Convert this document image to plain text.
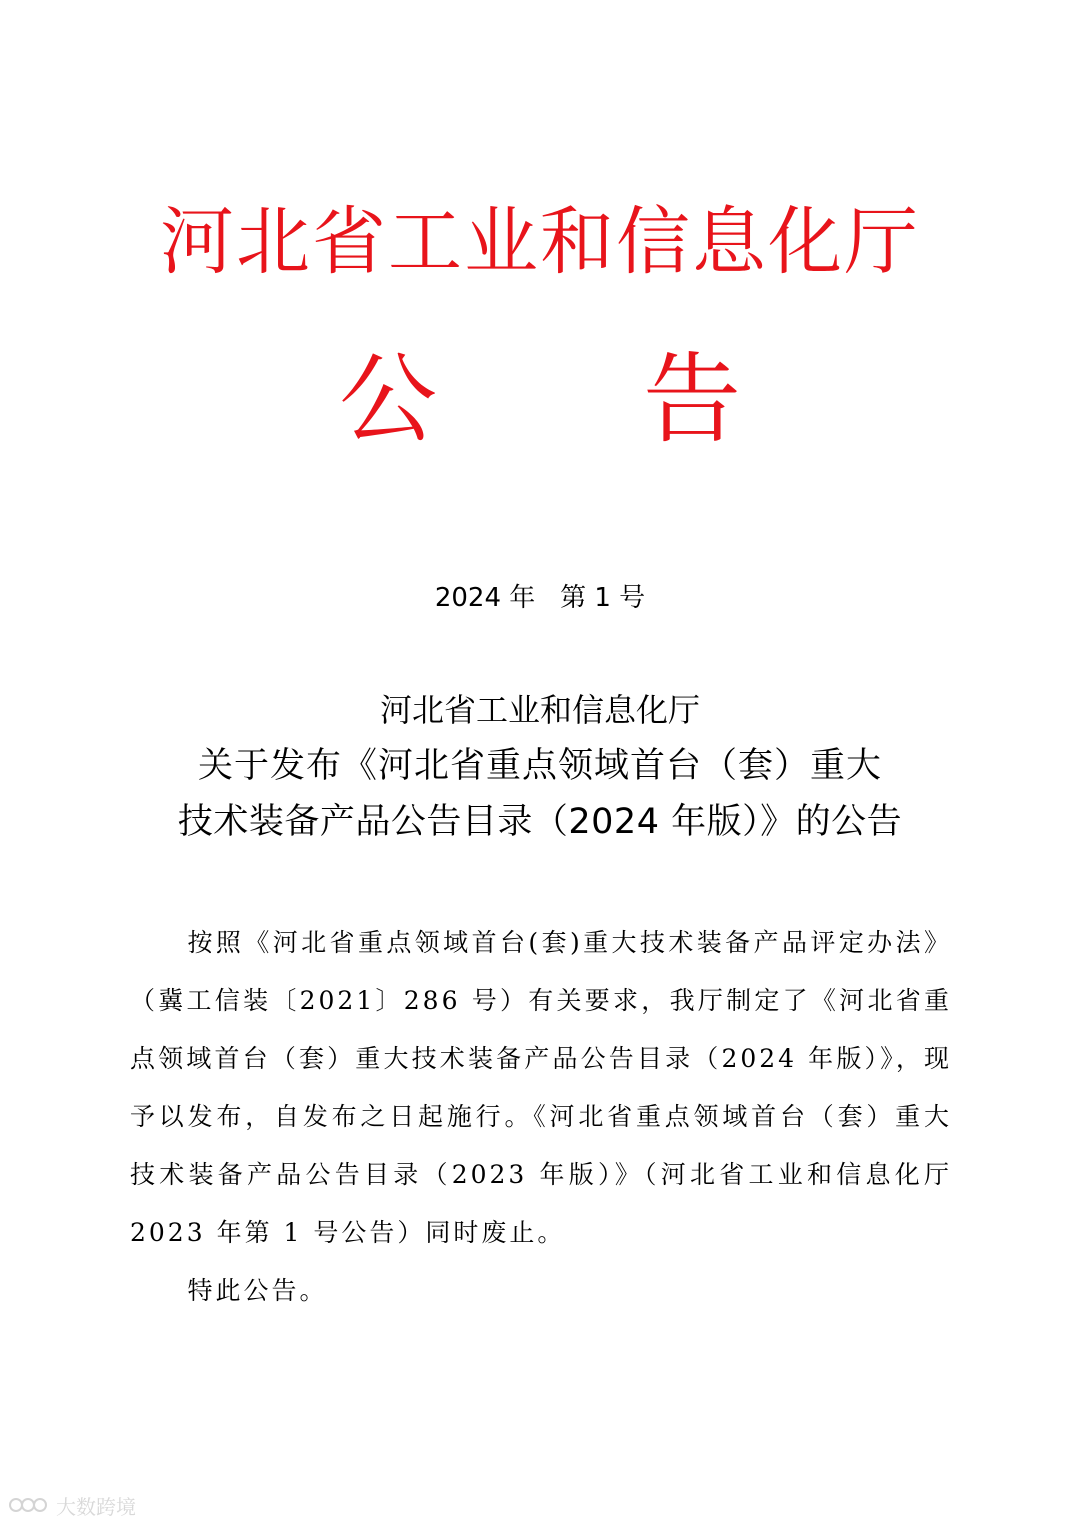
河北省工业和信息化厅
公 告
2024 年   第 1 号
河北省工业和信息化厅
关于发布《河北省重点领域首台（套）重大
技术装备产品公告目录（2024 年版）》的公告

按照《河北省重点领域首台(套)重大技术装备产品评定办法》（冀工信装〔2021〕286 号）有关要求，我厅制定了《河北省重点领域首台（套）重大技术装备产品公告目录（2024 年版）》，现予以发布，自发布之日起施行。《河北省重点领域首台（套）重大技术装备产品公告目录（2023 年版）》（河北省工业和信息化厅 2023 年第 1 号公告）同时废止。

特此公告。

大数跨境
